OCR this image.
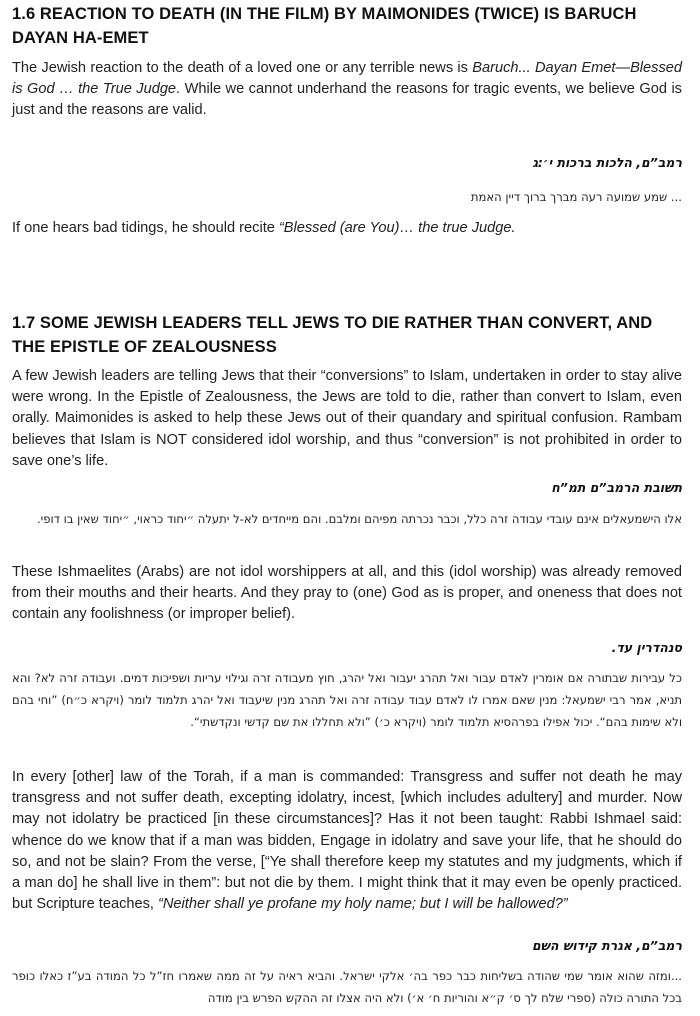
1.6 REACTION TO DEATH (IN THE FILM) BY MAIMONIDES (TWICE) IS BARUCH DAYAN HA-EMET

The Jewish reaction to the death of a loved one or any terrible news is Baruch... Dayan Emet—Blessed is God … the True Judge. While we cannot underhand the reasons for tragic events, we believe God is just and the reasons are valid.

רמב”ם, הלכות ברכות י׳:ג

... שמע שמועה רעה מברך ברוך דיין האמת

If one hears bad tidings, he should recite “Blessed (are You)… the true Judge.

1.7 SOME JEWISH LEADERS TELL JEWS TO DIE RATHER THAN CONVERT, AND THE EPISTLE OF ZEALOUSNESS

A few Jewish leaders are telling Jews that their “conversions” to Islam, undertaken in order to stay alive were wrong. In the Epistle of Zealousness, the Jews are told to die, rather than convert to Islam, even orally. Maimonides is asked to help these Jews out of their quandary and spiritual confusion. Rambam believes that Islam is NOT considered idol worship, and thus “conversion” is not prohibited in order to save one’s life.

תשובת הרמב”ם תמ”ח

אלו הישמעאלים אינם עובדי עבודה זרה כלל, וכבר נכרתה מפיהם ומלבם. והם מייחדים לא-ל יתעלה ״יחוד כראוי, ״יחוד שאין בו דופי.

These Ishmaelites (Arabs) are not idol worshippers at all, and this (idol worship) was already removed from their mouths and their hearts. And they pray to (one) God as is proper, and oneness that does not contain any foolishness (or improper belief).

סנהדרין עד.

כל עבירות שבתורה אם אומרין לאדם עבור ואל תהרג יעבור ואל יהרג, חוץ מעבודה זרה וגילוי עריות ושפיכות דמים. ועבודה זרה לא? והא תניא, אמר רבי ישמעאל: מנין שאם אמרו לו לאדם עבוד עבודה זרה ואל תהרג מנין שיעבוד ואל יהרג תלמוד לומר (ויקרא כ״ח) ”וחי בהם ולא שימות בהם“. יכול אפילו בפרהסיא תלמוד לומר (ויקרא כ׳) ”ולא תחללו את שם קדשי ונקדשתי“.

In every [other] law of the Torah, if a man is commanded: Transgress and suffer not death he may transgress and not suffer death, excepting idolatry, incest, [which includes adultery] and murder. Now may not idolatry be practiced [in these circumstances]? Has it not been taught: Rabbi Ishmael said: whence do we know that if a man was bidden, Engage in idolatry and save your life, that he should do so, and not be slain? From the verse, [“Ye shall therefore keep my statutes and my judgments, which if a man do] he shall live in them”: but not die by them. I might think that it may even be openly practiced. but Scripture teaches, “Neither shall ye profane my holy name; but I will be hallowed?”

רמב”ם, אגרת קידוש השם

...ומזה שהוא אומר שמי שהודה בשליחות כבר כפר בה׳ אלקי ישראל. והביא ראיה על זה ממה שאמרו חז”ל כל המודה בע”ז כאלו כופר בכל התורה כולה (ספרי שלח לך ס׳ ק״א והוריות ח׳ א׳) ולא היה אצלו זה ההקש הפרש בין מודה
